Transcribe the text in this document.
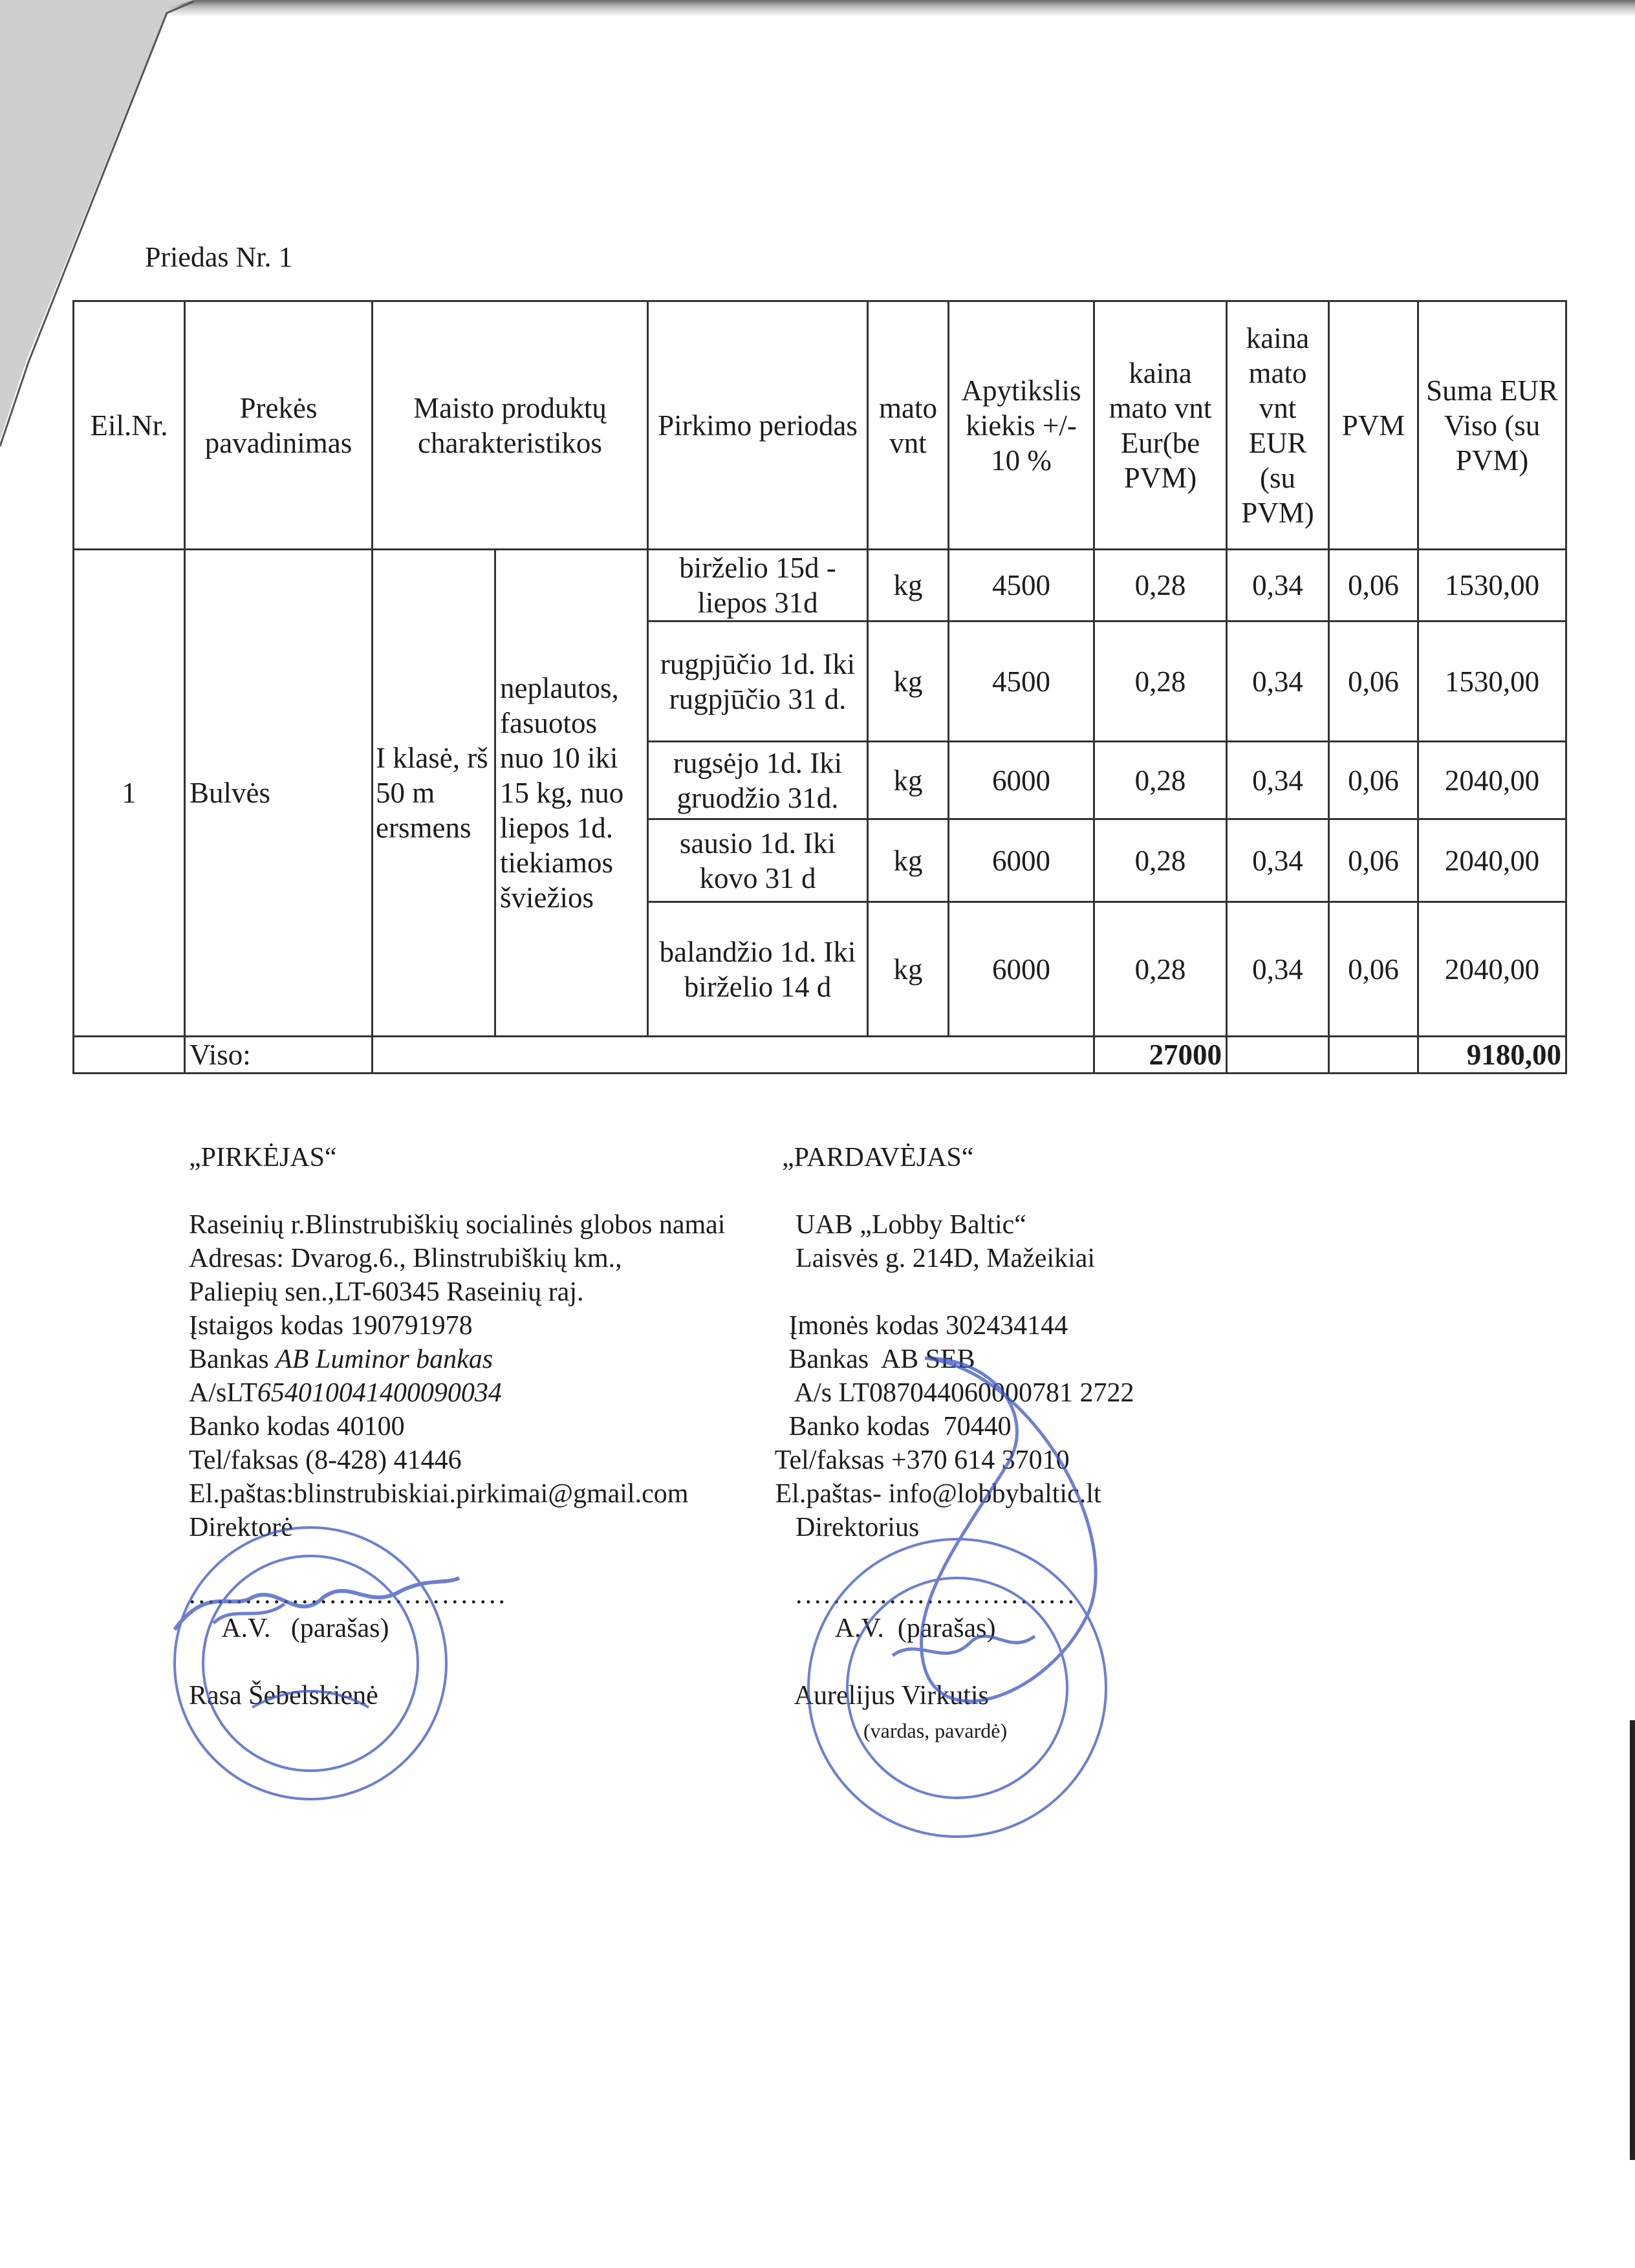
Priedas Nr. 1
Eil.Nr.	Prekės pavadinimas	Maisto produktų charakteristikos		Pirkimo periodas	mato vnt	Apytikslis kiekis +/- 10 %	kaina mato vnt Eur(be PVM)	kaina mato vnt EUR (su PVM)	PVM	Suma EUR Viso (su PVM)
1	Bulvės	I klasė, rš 50 m ersmens	neplautos, fasuotos nuo 10 iki 15 kg, nuo liepos 1d. tiekiamos šviežios	birželio 15d - liepos 31d	kg	4500	0,28	0,34	0,06	1530,00
				rugpjūčio 1d. Iki rugpjūčio 31 d.	kg	4500	0,28	0,34	0,06	1530,00
				rugsėjo 1d. Iki gruodžio 31d.	kg	6000	0,28	0,34	0,06	2040,00
				sausio 1d. Iki kovo 31 d	kg	6000	0,28	0,34	0,06	2040,00
				balandžio 1d. Iki birželio 14 d	kg	6000	0,28	0,34	0,06	2040,00
	Viso:						27000			9180,00
„PIRKĖJAS“

Raseinių r.Blinstrubiškių socialinės globos namai
Adresas: Dvarog.6., Blinstrubiškių km.,
Paliepių sen.,LT-60345 Raseinių raj.
Įstaigos kodas 190791978
Bankas AB Luminor bankas
A/sLT654010041400090034
Banko kodas 40100
Tel/faksas (8-428) 41446
El.paštas:blinstrubiskiai.pirkimai@gmail.com
Direktorė

..................................
A.V.   (parašas)

Rasa Šebelskienė
„PARDAVĖJAS“

UAB „Lobby Baltic“
Laisvės g. 214D, Mažeikiai

Įmonės kodas 302434144
Bankas  AB SEB
A/s LT087044060000781 2722
Banko kodas  70440
Tel/faksas +370 614 37010
El.paštas- info@lobbybaltic.lt
Direktorius

..............................
A.V.  (parašas)

Aurelijus Virkutis
(vardas, pavardė)
